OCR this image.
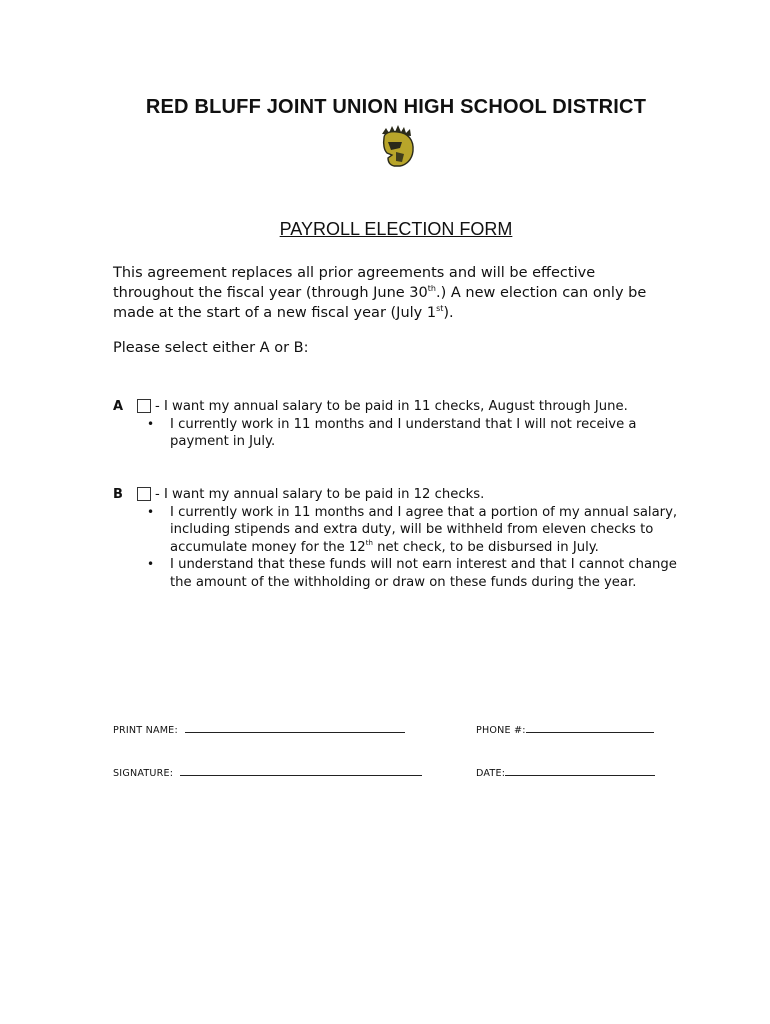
RED BLUFF JOINT UNION HIGH SCHOOL DISTRICT
PAYROLL ELECTION FORM
This agreement replaces all prior agreements and will be effective throughout the fiscal year (through June 30th.) A new election can only be made at the start of a new fiscal year (July 1st).
Please select either A or B:
A - I want my annual salary to be paid in 11 checks, August through June.
• I currently work in 11 months and I understand that I will not receive a payment in July.
B - I want my annual salary to be paid in 12 checks.
• I currently work in 11 months and I agree that a portion of my annual salary, including stipends and extra duty, will be withheld from eleven checks to accumulate money for the 12th net check, to be disbursed in July.
• I understand that these funds will not earn interest and that I cannot change the amount of the withholding or draw on these funds during the year.
PRINT NAME:	PHONE #:
SIGNATURE:	DATE:
